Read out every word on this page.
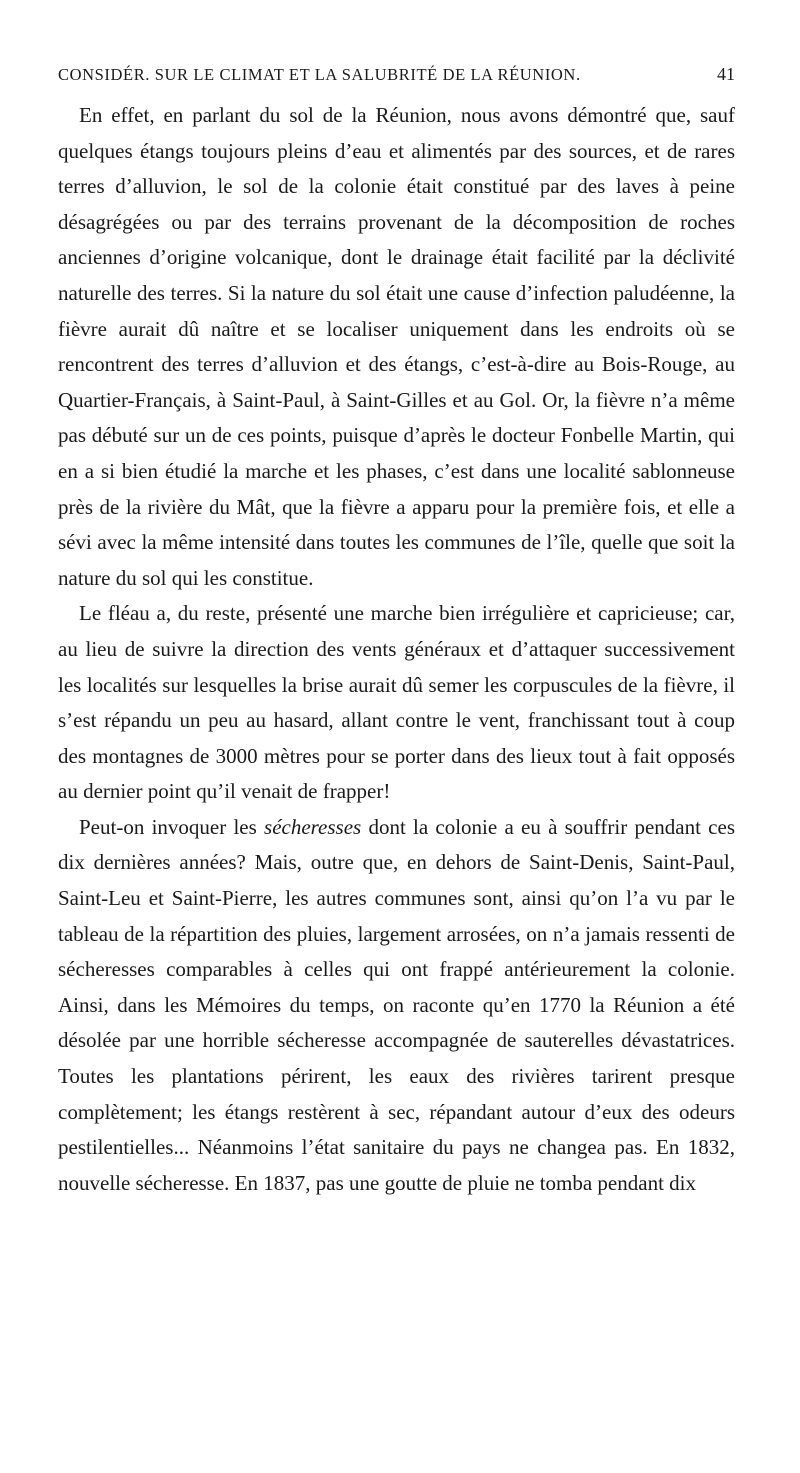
CONSIDÉR. SUR LE CLIMAT ET LA SALUBRITÉ DE LA RÉUNION.	41

En effet, en parlant du sol de la Réunion, nous avons démontré que, sauf quelques étangs toujours pleins d’eau et alimentés par des sources, et de rares terres d’alluvion, le sol de la colonie était constitué par des laves à peine désagrégées ou par des terrains provenant de la décomposition de roches anciennes d’origine volcanique, dont le drainage était facilité par la déclivité naturelle des terres. Si la nature du sol était une cause d’infection paludéenne, la fièvre aurait dû naître et se localiser uniquement dans les endroits où se rencontrent des terres d’alluvion et des étangs, c’est-à-dire au Bois-Rouge, au Quartier-Français, à Saint-Paul, à Saint-Gilles et au Gol. Or, la fièvre n’a même pas débuté sur un de ces points, puisque d’après le docteur Fonbelle Martin, qui en a si bien étudié la marche et les phases, c’est dans une localité sablonneuse près de la rivière du Mât, que la fièvre a apparu pour la première fois, et elle a sévi avec la même intensité dans toutes les communes de l’île, quelle que soit la nature du sol qui les constitue.

Le fléau a, du reste, présenté une marche bien irrégulière et capricieuse; car, au lieu de suivre la direction des vents généraux et d’attaquer successivement les localités sur lesquelles la brise aurait dû semer les corpuscules de la fièvre, il s’est répandu un peu au hasard, allant contre le vent, franchissant tout à coup des montagnes de 3000 mètres pour se porter dans des lieux tout à fait opposés au dernier point qu’il venait de frapper!

Peut-on invoquer les sécheresses dont la colonie a eu à souffrir pendant ces dix dernières années? Mais, outre que, en dehors de Saint-Denis, Saint-Paul, Saint-Leu et Saint-Pierre, les autres communes sont, ainsi qu’on l’a vu par le tableau de la répartition des pluies, largement arrosées, on n’a jamais ressenti de sécheresses comparables à celles qui ont frappé antérieurement la colonie. Ainsi, dans les Mémoires du temps, on raconte qu’en 1770 la Réunion a été désolée par une horrible sécheresse accompagnée de sauterelles dévastatrices. Toutes les plantations périrent, les eaux des rivières tarirent presque complètement; les étangs restèrent à sec, répandant autour d’eux des odeurs pestilentielles... Néanmoins l’état sanitaire du pays ne changea pas. En 1832, nouvelle sécheresse. En 1837, pas une goutte de pluie ne tomba pendant dix
